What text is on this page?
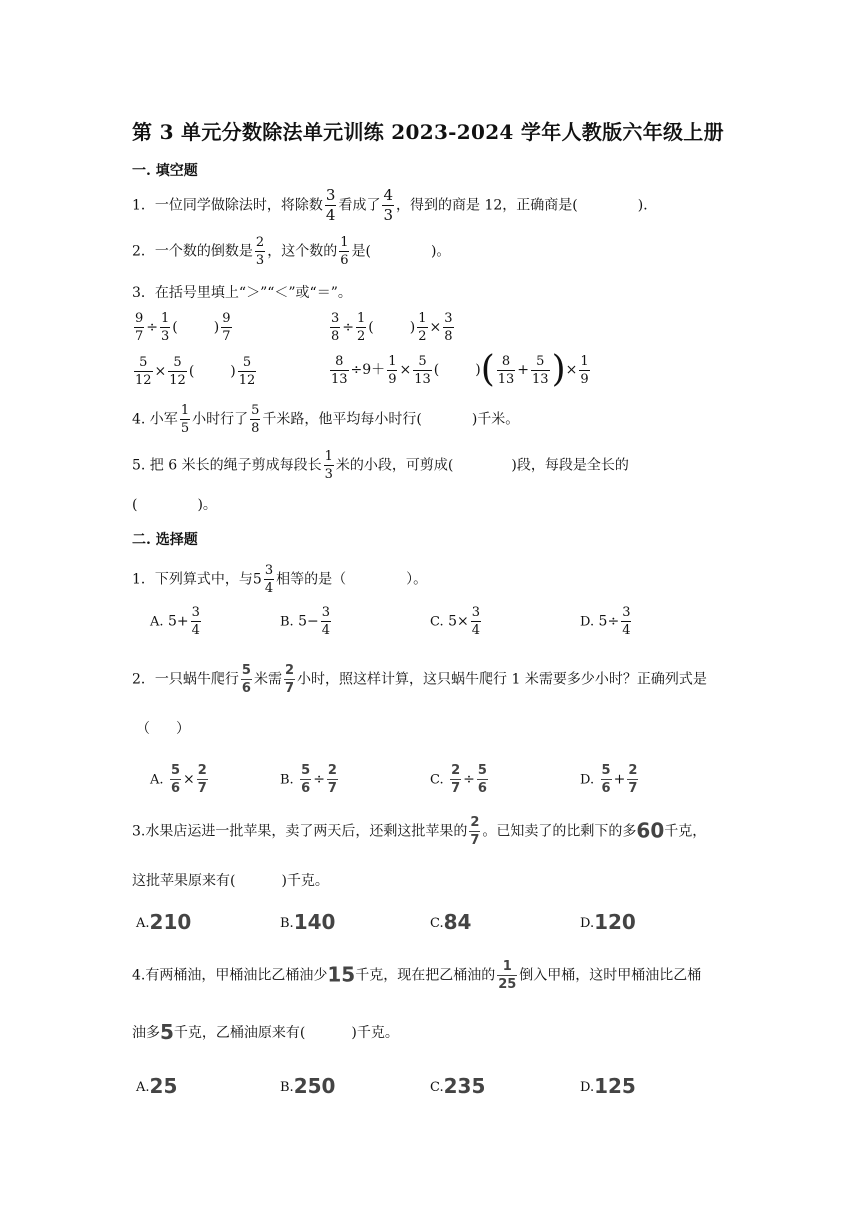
第 3 单元分数除法单元训练 2023-2024 学年人教版六年级上册
一. 填空题
1．一位同学做除法时，将除数 $\frac{3}{4}$ 看成了 $\frac{4}{3}$ ，得到的商是 12，正确商是(	)．
2．一个数的倒数是 $\frac{2}{3}$ ，这个数的 $\frac{1}{6}$ 是(	)。
3．在括号里填上“＞”“＜”或“＝”。
$\frac{9}{7} \div \frac{1}{3}$ (	) $\frac{9}{7}$	$\frac{3}{8} \div \frac{1}{2}$ (	) $\frac{1}{2} \times \frac{3}{8}$
$\frac{5}{12} \times \frac{5}{12}$ (	) $\frac{5}{12}$	$\frac{8}{13} \div 9+ \frac{1}{9} \times \frac{5}{13}$ (	)( $\frac{8}{13} + \frac{5}{13}$ )× $\frac{1}{9}$
4. 小军 $\frac{1}{5}$ 小时行了 $\frac{5}{8}$ 千米路，他平均每小时行(	)千米。
5. 把 6 米长的绳子剪成每段长 $\frac{1}{3}$ 米的小段，可剪成(	)段，每段是全长的
(	)。
二. 选择题
1．下列算式中，与$5 \frac{3}{4}$ 相等的是（	）。
A. $5+ \frac{3}{4}$	B. $5- \frac{3}{4}$	C. $5\times \frac{3}{4}$	D. $5\div \frac{3}{4}$
2．一只蜗牛爬行 $\frac{5}{6}$ 米需 $\frac{2}{7}$ 小时，照这样计算，这只蜗牛爬行 1 米需要多少小时？正确列式是
（ ）
A. $\frac{5}{6} \times \frac{2}{7}$	B. $\frac{5}{6} \div \frac{2}{7}$	C. $\frac{2}{7} \div \frac{5}{6}$	D. $\frac{5}{6} + \frac{2}{7}$
3.水果店运进一批苹果，卖了两天后，还剩这批苹果的 $\frac{2}{7}$ 。已知卖了的比剩下的多60千克，
这批苹果原来有(	)千克。
A.210	B.140	C.84	D.120
4.有两桶油，甲桶油比乙桶油少15千克，现在把乙桶油的 $\frac{1}{25}$ 倒入甲桶，这时甲桶油比乙桶
油多5千克，乙桶油原来有(	)千克。
A.25	B.250	C.235	D.125
